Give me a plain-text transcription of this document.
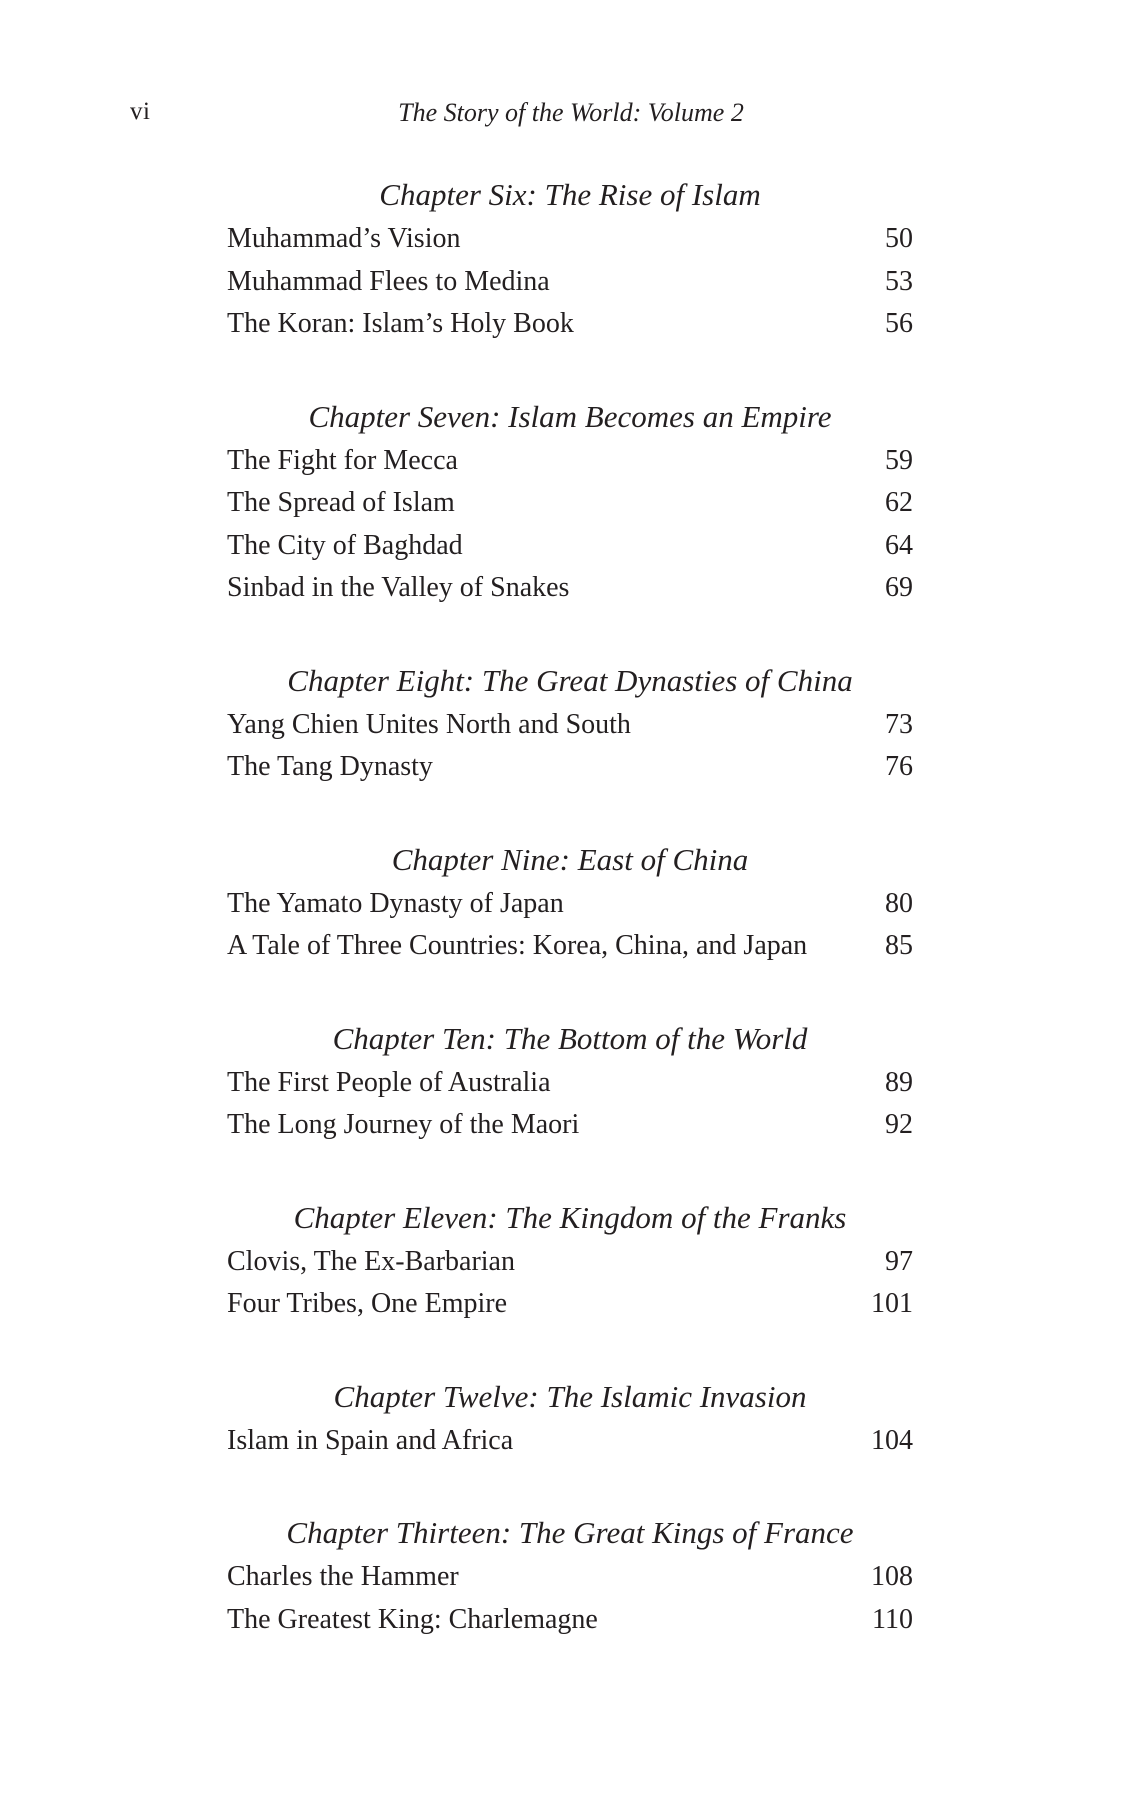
The Story of the World: Volume 2
vi
Chapter Six: The Rise of Islam
Muhammad’s Vision	50
Muhammad Flees to Medina	53
The Koran: Islam’s Holy Book	56
Chapter Seven: Islam Becomes an Empire
The Fight for Mecca	59
The Spread of Islam	62
The City of Baghdad	64
Sinbad in the Valley of Snakes	69
Chapter Eight: The Great Dynasties of China
Yang Chien Unites North and South	73
The Tang Dynasty	76
Chapter Nine: East of China
The Yamato Dynasty of Japan	80
A Tale of Three Countries: Korea, China, and Japan	85
Chapter Ten: The Bottom of the World
The First People of Australia	89
The Long Journey of the Maori	92
Chapter Eleven: The Kingdom of the Franks
Clovis, The Ex-Barbarian	97
Four Tribes, One Empire	101
Chapter Twelve: The Islamic Invasion
Islam in Spain and Africa	104
Chapter Thirteen: The Great Kings of France
Charles the Hammer	108
The Greatest King: Charlemagne	110
